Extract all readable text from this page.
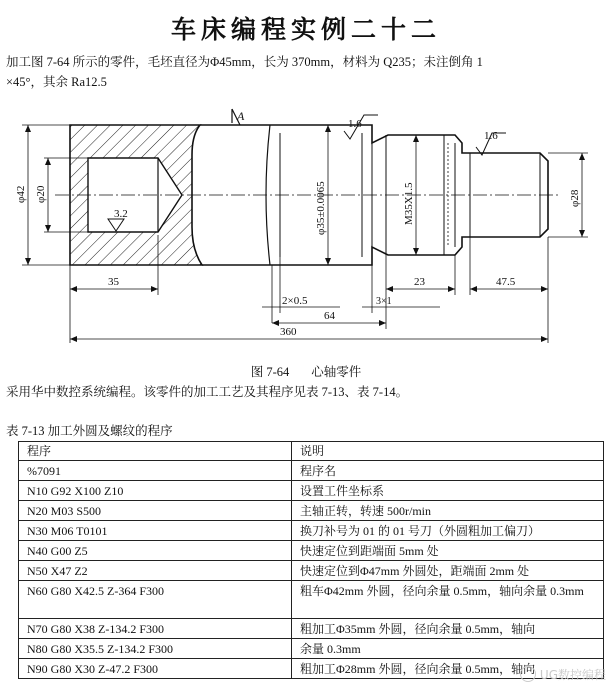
车床编程实例二十二
加工图 7-64 所示的零件，毛坯直径为Φ45mm，长为 370mm，材料为 Q235；未注倒角 1
×45°，其余 Ra12.5
A
1.6
1.6
3.2
φ42 φ20	φ35±0.0065	M35X1.5	φ28
35	23	47.5
2×0.5	3×1
64
360
图 7-64 心轴零件
采用华中数控系统编程。该零件的加工工艺及其程序见表 7-13、表 7-14。
表 7-13 加工外圆及螺纹的程序
程序	说明
%7091	程序名
N10 G92 X100 Z10	设置工件坐标系
N20 M03 S500	主轴正转，转速 500r/min
N30 M06 T0101	换刀补号为 01 的 01 号刀（外圆粗加工偏刀）
N40 G00 Z5	快速定位到距端面 5mm 处
N50 X47 Z2	快速定位到Φ47mm 外圆处，距端面 2mm 处
N60 G80 X42.5 Z-364 F300	粗车Φ42mm 外圆，径向余量 0.5mm，轴向余量 0.3mm
N70 G80 X38 Z-134.2 F300	粗加工Φ35mm 外圆，径向余量 0.5mm，轴向
N80 G80 X35.5 Z-134.2 F300	余量 0.3mm
N90 G80 X30 Z-47.2 F300	粗加工Φ28mm 外圆，径向余量 0.5mm，轴向 UG数控编程
